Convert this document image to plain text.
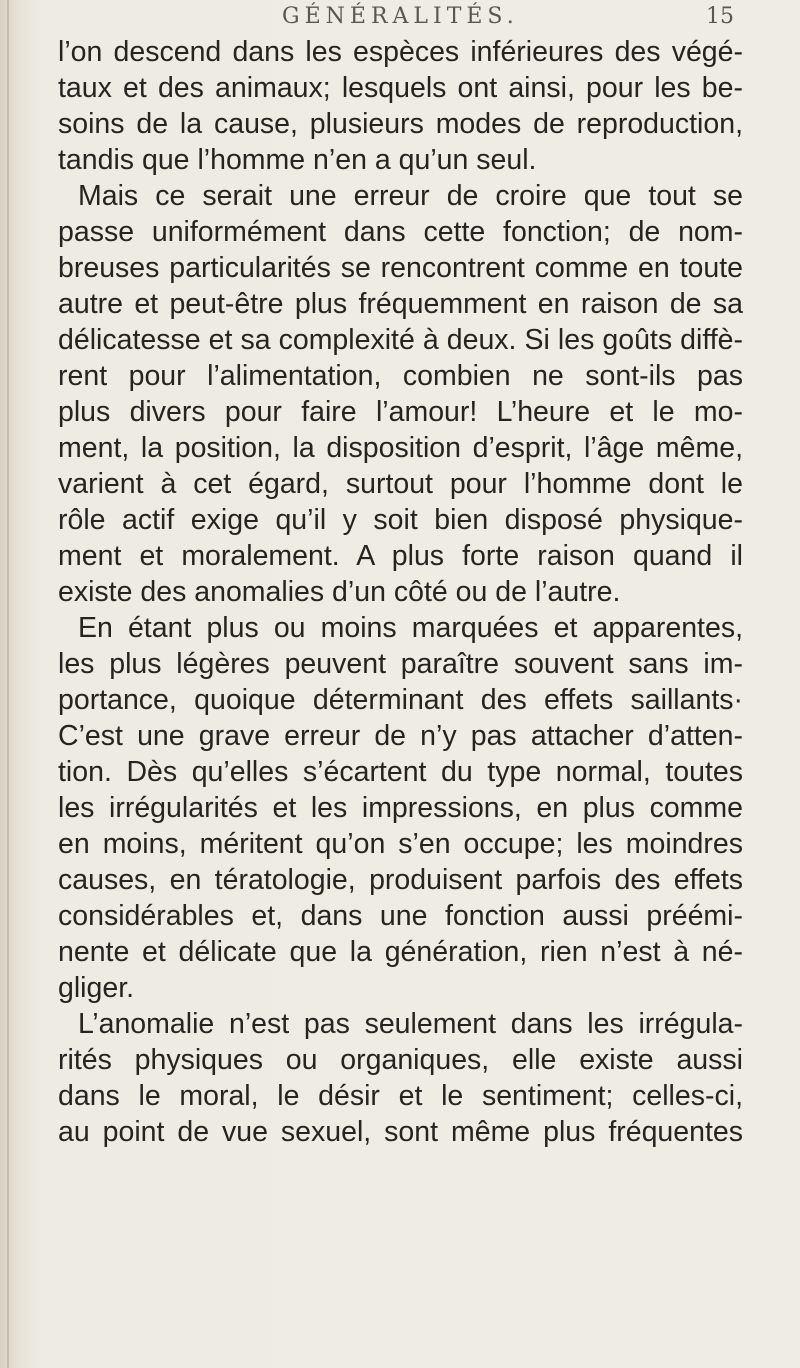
GÉNÉRALITÉS.	15
l’on descend dans les espèces inférieures des végé-
taux et des animaux; lesquels ont ainsi, pour les be-
soins de la cause, plusieurs modes de reproduction,
tandis que l’homme n’en a qu’un seul.
Mais ce serait une erreur de croire que tout se
passe uniformément dans cette fonction; de nom-
breuses particularités se rencontrent comme en toute
autre et peut-être plus fréquemment en raison de sa
délicatesse et sa complexité à deux. Si les goûts diffè-
rent pour l’alimentation, combien ne sont-ils pas
plus divers pour faire l’amour! L’heure et le mo-
ment, la position, la disposition d’esprit, l’âge même,
varient à cet égard, surtout pour l’homme dont le
rôle actif exige qu’il y soit bien disposé physique-
ment et moralement. A plus forte raison quand il
existe des anomalies d’un côté ou de l’autre.
En étant plus ou moins marquées et apparentes,
les plus légères peuvent paraître souvent sans im-
portance, quoique déterminant des effets saillants·
C’est une grave erreur de n’y pas attacher d’atten-
tion. Dès qu’elles s’écartent du type normal, toutes
les irrégularités et les impressions, en plus comme
en moins, méritent qu’on s’en occupe; les moindres
causes, en tératologie, produisent parfois des effets
considérables et, dans une fonction aussi préémi-
nente et délicate que la génération, rien n’est à né-
gliger.
L’anomalie n’est pas seulement dans les irrégula-
rités physiques ou organiques, elle existe aussi
dans le moral, le désir et le sentiment; celles-ci,
au point de vue sexuel, sont même plus fréquentes
